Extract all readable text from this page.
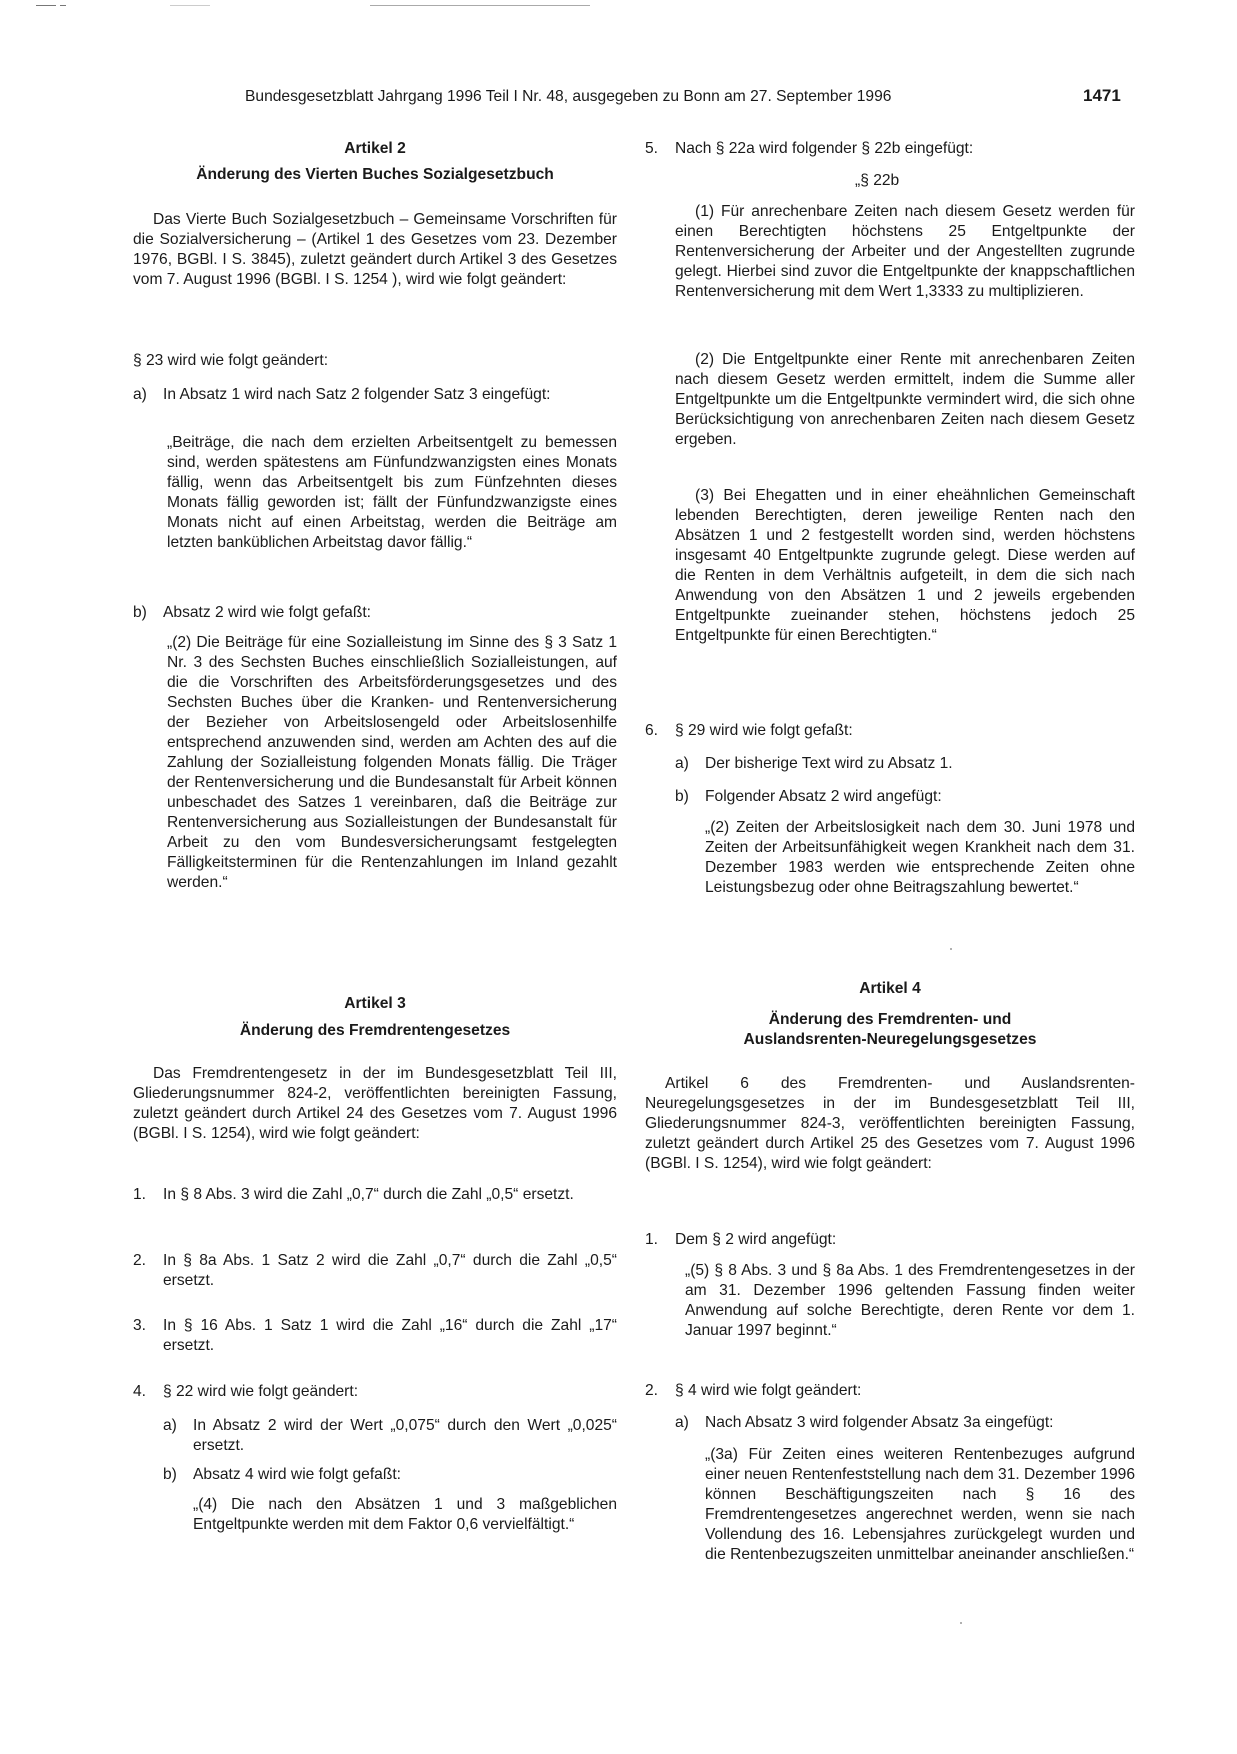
Bundesgesetzblatt Jahrgang 1996 Teil I Nr. 48, ausgegeben zu Bonn am 27. September 1996	1471

Artikel 2

Änderung des Vierten Buches Sozialgesetzbuch

Das Vierte Buch Sozialgesetzbuch – Gemeinsame Vorschriften für die Sozialversicherung – (Artikel 1 des Gesetzes vom 23. Dezember 1976, BGBl. I S. 3845), zuletzt geändert durch Artikel 3 des Gesetzes vom 7. August 1996 (BGBl. I S. 1254 ), wird wie folgt geändert:

§ 23 wird wie folgt geändert:

a)	In Absatz 1 wird nach Satz 2 folgender Satz 3 eingefügt:

„Beiträge, die nach dem erzielten Arbeitsentgelt zu bemessen sind, werden spätestens am Fünfundzwanzigsten eines Monats fällig, wenn das Arbeitsentgelt bis zum Fünfzehnten dieses Monats fällig geworden ist; fällt der Fünfundzwanzigste eines Monats nicht auf einen Arbeitstag, werden die Beiträge am letzten banküblichen Arbeitstag davor fällig.“

b)	Absatz 2 wird wie folgt gefaßt:

„(2) Die Beiträge für eine Sozialleistung im Sinne des § 3 Satz 1 Nr. 3 des Sechsten Buches einschließlich Sozialleistungen, auf die die Vorschriften des Arbeitsförderungsgesetzes und des Sechsten Buches über die Kranken- und Rentenversicherung der Bezieher von Arbeitslosengeld oder Arbeitslosenhilfe entsprechend anzuwenden sind, werden am Achten des auf die Zahlung der Sozialleistung folgenden Monats fällig. Die Träger der Rentenversicherung und die Bundesanstalt für Arbeit können unbeschadet des Satzes 1 vereinbaren, daß die Beiträge zur Rentenversicherung aus Sozialleistungen der Bundesanstalt für Arbeit zu den vom Bundesversicherungsamt festgelegten Fälligkeitsterminen für die Rentenzahlungen im Inland gezahlt werden.“

Artikel 3

Änderung des Fremdrentengesetzes

Das Fremdrentengesetz in der im Bundesgesetzblatt Teil III, Gliederungsnummer 824-2, veröffentlichten bereinigten Fassung, zuletzt geändert durch Artikel 24 des Gesetzes vom 7. August 1996 (BGBl. I S. 1254), wird wie folgt geändert:

1.	In § 8 Abs. 3 wird die Zahl „0,7“ durch die Zahl „0,5“ ersetzt.
2.	In § 8a Abs. 1 Satz 2 wird die Zahl „0,7“ durch die Zahl „0,5“ ersetzt.
3.	In § 16 Abs. 1 Satz 1 wird die Zahl „16“ durch die Zahl „17“ ersetzt.
4.	§ 22 wird wie folgt geändert:
a)	In Absatz 2 wird der Wert „0,075“ durch den Wert „0,025“ ersetzt.
b)	Absatz 4 wird wie folgt gefaßt:

„(4) Die nach den Absätzen 1 und 3 maßgeblichen Entgeltpunkte werden mit dem Faktor 0,6 vervielfältigt.“

5.	Nach § 22a wird folgender § 22b eingefügt:

„§ 22b

(1) Für anrechenbare Zeiten nach diesem Gesetz werden für einen Berechtigten höchstens 25 Entgeltpunkte der Rentenversicherung der Arbeiter und der Angestellten zugrunde gelegt. Hierbei sind zuvor die Entgeltpunkte der knappschaftlichen Rentenversicherung mit dem Wert 1,3333 zu multiplizieren.

(2) Die Entgeltpunkte einer Rente mit anrechenbaren Zeiten nach diesem Gesetz werden ermittelt, indem die Summe aller Entgeltpunkte um die Entgeltpunkte vermindert wird, die sich ohne Berücksichtigung von anrechenbaren Zeiten nach diesem Gesetz ergeben.

(3) Bei Ehegatten und in einer eheähnlichen Gemeinschaft lebenden Berechtigten, deren jeweilige Renten nach den Absätzen 1 und 2 festgestellt worden sind, werden höchstens insgesamt 40 Entgeltpunkte zugrunde gelegt. Diese werden auf die Renten in dem Verhältnis aufgeteilt, in dem die sich nach Anwendung von den Absätzen 1 und 2 jeweils ergebenden Entgeltpunkte zueinander stehen, höchstens jedoch 25 Entgeltpunkte für einen Berechtigten.“

6.	§ 29 wird wie folgt gefaßt:
a)	Der bisherige Text wird zu Absatz 1.
b)	Folgender Absatz 2 wird angefügt:

„(2) Zeiten der Arbeitslosigkeit nach dem 30. Juni 1978 und Zeiten der Arbeitsunfähigkeit wegen Krankheit nach dem 31. Dezember 1983 werden wie entsprechende Zeiten ohne Leistungsbezug oder ohne Beitragszahlung bewertet.“

Artikel 4

Änderung des Fremdrenten- und
Auslandsrenten-Neuregelungsgesetzes

Artikel 6 des Fremdrenten- und Auslandsrenten-Neuregelungsgesetzes in der im Bundesgesetzblatt Teil III, Gliederungsnummer 824-3, veröffentlichten bereinigten Fassung, zuletzt geändert durch Artikel 25 des Gesetzes vom 7. August 1996 (BGBl. I S. 1254), wird wie folgt geändert:

1.	Dem § 2 wird angefügt:

„(5) § 8 Abs. 3 und § 8a Abs. 1 des Fremdrentengesetzes in der am 31. Dezember 1996 geltenden Fassung finden weiter Anwendung auf solche Berechtigte, deren Rente vor dem 1. Januar 1997 beginnt.“

2.	§ 4 wird wie folgt geändert:
a)	Nach Absatz 3 wird folgender Absatz 3a eingefügt:

„(3a) Für Zeiten eines weiteren Rentenbezuges aufgrund einer neuen Rentenfeststellung nach dem 31. Dezember 1996 können Beschäftigungszeiten nach § 16 des Fremdrentengesetzes angerechnet werden, wenn sie nach Vollendung des 16. Lebensjahres zurückgelegt wurden und die Rentenbezugszeiten unmittelbar aneinander anschließen.“
